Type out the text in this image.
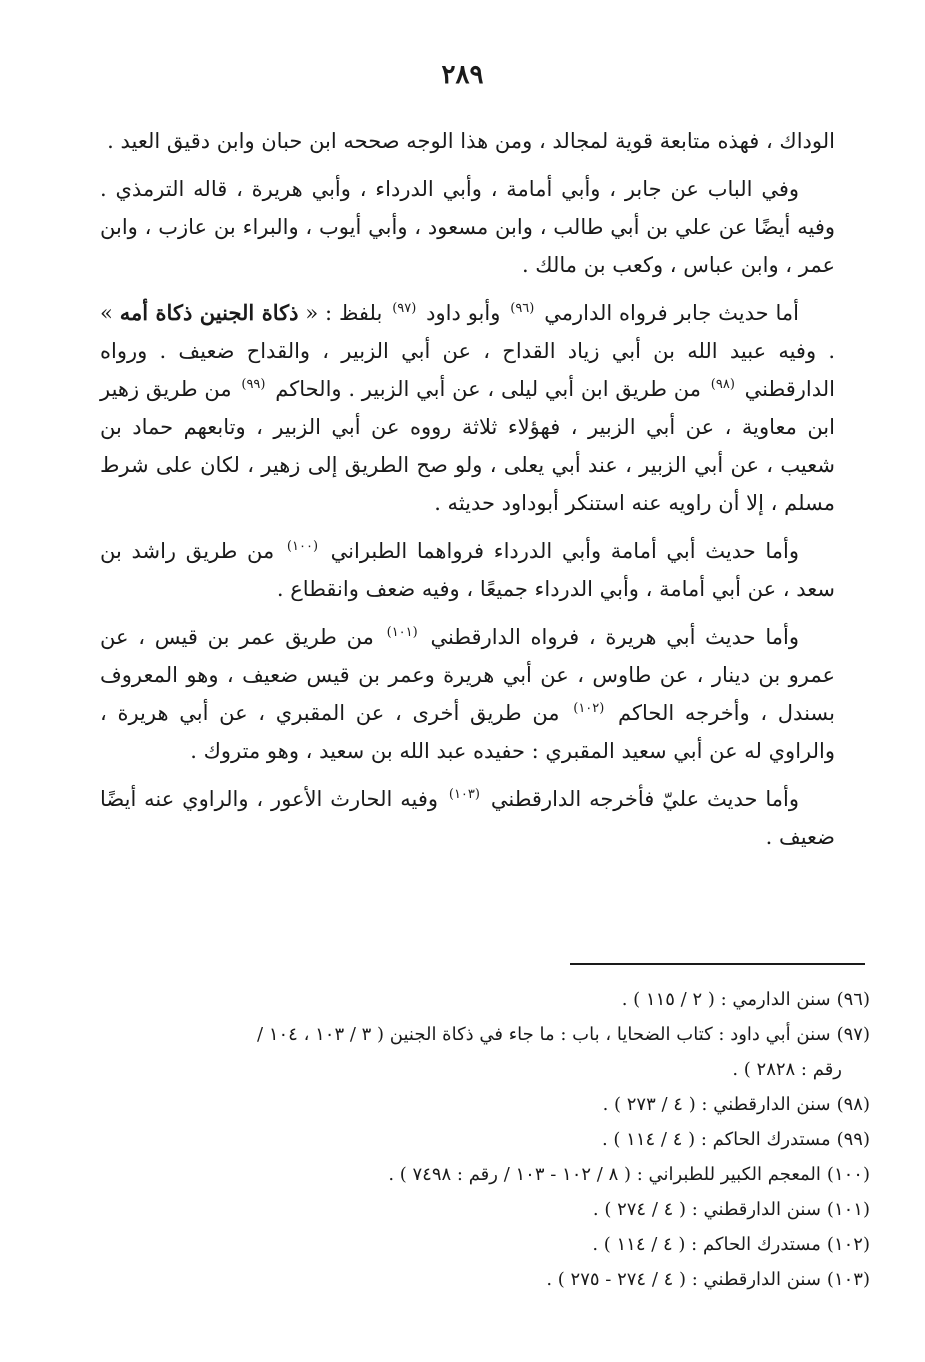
٢٨٩

الوداك ، فهذه متابعة قوية لمجالد ، ومن هذا الوجه صححه ابن حبان وابن دقيق العيد .

وفي الباب عن جابر ، وأبي أمامة ، وأبي الدرداء ، وأبي هريرة ، قاله الترمذي . وفيه أيضًا عن علي بن أبي طالب ، وابن مسعود ، وأبي أيوب ، والبراء بن عازب ، وابن عمر ، وابن عباس ، وكعب بن مالك .

أما حديث جابر فرواه الدارمي $^{(٩٦)}$ وأبو داود $^{(٩٧)}$ بلفظ : « ذكاة الجنين ذكاة أمه » . وفيه عبيد الله بن أبي زياد القداح ، عن أبي الزبير ، والقداح ضعيف . ورواه الدارقطني $^{(٩٨)}$ من طريق ابن أبي ليلى ، عن أبي الزبير . والحاكم $^{(٩٩)}$ من طريق زهير ابن معاوية ، عن أبي الزبير ، فهؤلاء ثلاثة رووه عن أبي الزبير ، وتابعهم حماد بن شعيب ، عن أبي الزبير ، عند أبي يعلى ، ولو صح الطريق إلى زهير ، لكان على شرط مسلم ، إلا أن راويه عنه استنكر أبوداود حديثه .

وأما حديث أبي أمامة وأبي الدرداء فرواهما الطبراني $^{(١٠٠)}$ من طريق راشد بن سعد ، عن أبي أمامة ، وأبي الدرداء جميعًا ، وفيه ضعف وانقطاع .

وأما حديث أبي هريرة ، فرواه الدارقطني $^{(١٠١)}$ من طريق عمر بن قيس ، عن عمرو بن دينار ، عن طاوس ، عن أبي هريرة وعمر بن قيس ضعيف ، وهو المعروف بسندل ، وأخرجه الحاكم $^{(١٠٢)}$ من طريق أخرى ، عن المقبري ، عن أبي هريرة ، والراوي له عن أبي سعيد المقبري : حفيده عبد الله بن سعيد ، وهو متروك .

وأما حديث عليّ فأخرجه الدارقطني $^{(١٠٣)}$ وفيه الحارث الأعور ، والراوي عنه أيضًا ضعيف .

(٩٦)سنن الدارمي : ( ٢ / ١١٥ ) .

(٩٧)سنن أبي داود : كتاب الضحايا ، باب : ما جاء في ذكاة الجنين ( ٣ / ١٠٣ ، ١٠٤ /
رقم : ٢٨٢٨ ) .

(٩٨)سنن الدارقطني : ( ٤ / ٢٧٣ ) .

(٩٩)مستدرك الحاكم : ( ٤ / ١١٤ ) .

(١٠٠)المعجم الكبير للطبراني : ( ٨ / ١٠٢ - ١٠٣ / رقم : ٧٤٩٨ ) .

(١٠١)سنن الدارقطني : ( ٤ / ٢٧٤ ) .

(١٠٢)مستدرك الحاكم : ( ٤ / ١١٤ ) .

(١٠٣)سنن الدارقطني : ( ٤ / ٢٧٤ - ٢٧٥ ) .
